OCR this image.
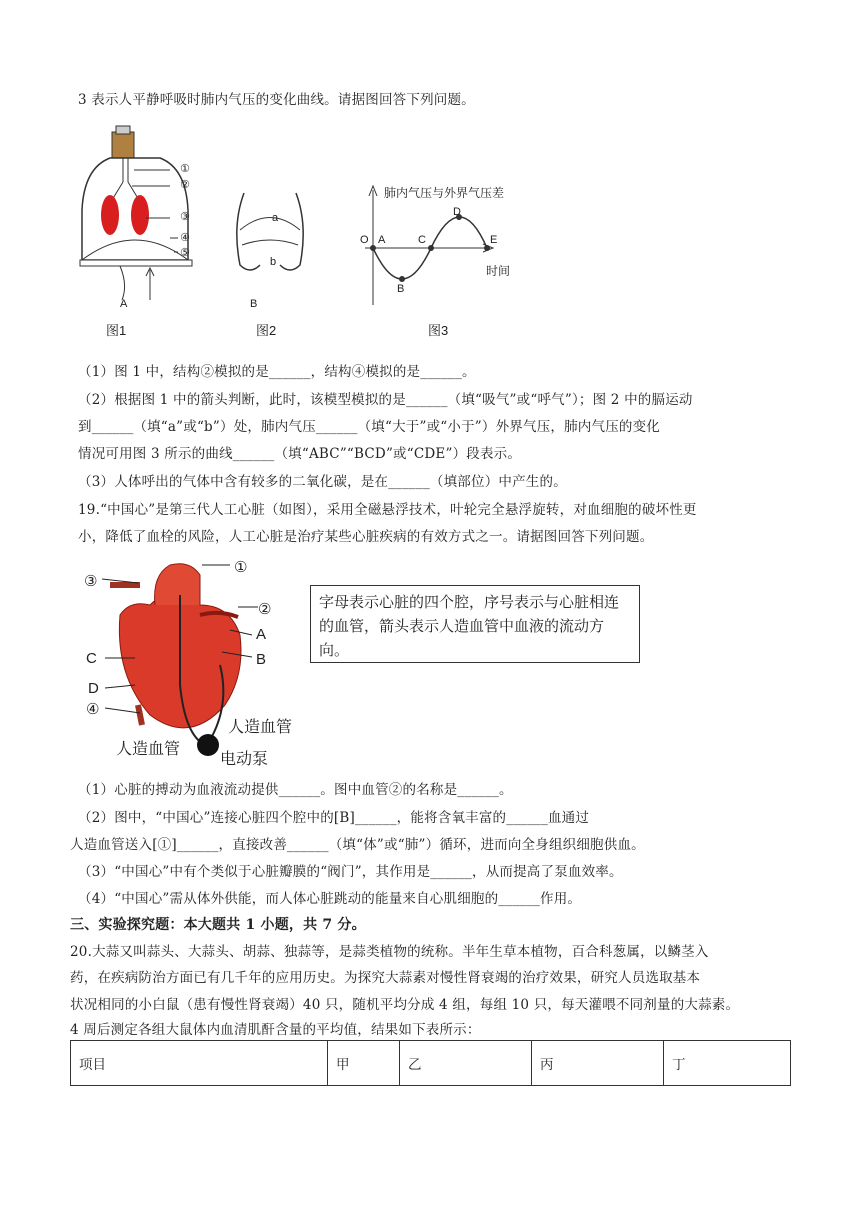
3 表示人平静呼吸时肺内气压的变化曲线。请据图回答下列问题。
①
②
③
④
⑤
A
图1
a
b
B
图2
肺内气压与外界气压差
时间
O A
B
C
D
E
图3
（1）图 1 中，结构②模拟的是______，结构④模拟的是______。
（2）根据图 1 中的箭头判断，此时，该模型模拟的是______（填“吸气”或“呼气”）；图 2 中的膈运动
到______（填“a”或“b”）处，肺内气压______（填“大于”或“小于”）外界气压，肺内气压的变化
情况可用图 3 所示的曲线______（填“ABC”“BCD”或“CDE”）段表示。
（3）人体呼出的气体中含有较多的二氧化碳，是在______（填部位）中产生的。
19.“中国心”是第三代人工心脏（如图），采用全磁悬浮技术，叶轮完全悬浮旋转，对血细胞的破坏性更
小，降低了血栓的风险，人工心脏是治疗某些心脏疾病的有效方式之一。请据图回答下列问题。
①
②
③
④
A
B
C
D
人造血管
人造血管
电动泵
字母表示心脏的四个腔，序号表示与心脏相连的血管，箭头表示人造血管中血液的流动方向。
（1）心脏的搏动为血液流动提供______。图中血管②的名称是______。
（2）图中，“中国心”连接心脏四个腔中的[B]______，能将含氧丰富的______血通过
人造血管送入[①]______，直接改善______（填“体”或“肺”）循环，进而向全身组织细胞供血。
（3）“中国心”中有个类似于心脏瓣膜的“阀门”，其作用是______，从而提高了泵血效率。
（4）“中国心”需从体外供能，而人体心脏跳动的能量来自心肌细胞的______作用。
三、实验探究题：本大题共 1 小题，共 7 分。
20.大蒜又叫蒜头、大蒜头、胡蒜、独蒜等，是蒜类植物的统称。半年生草本植物，百合科葱属，以鳞茎入
药，在疾病防治方面已有几千年的应用历史。为探究大蒜素对慢性肾衰竭的治疗效果，研究人员选取基本
状况相同的小白鼠（患有慢性肾衰竭）40 只，随机平均分成 4 组，每组 10 只，每天灌喂不同剂量的大蒜素。
4 周后测定各组大鼠体内血清肌酐含量的平均值，结果如下表所示：
项目	甲	乙	丙	丁
